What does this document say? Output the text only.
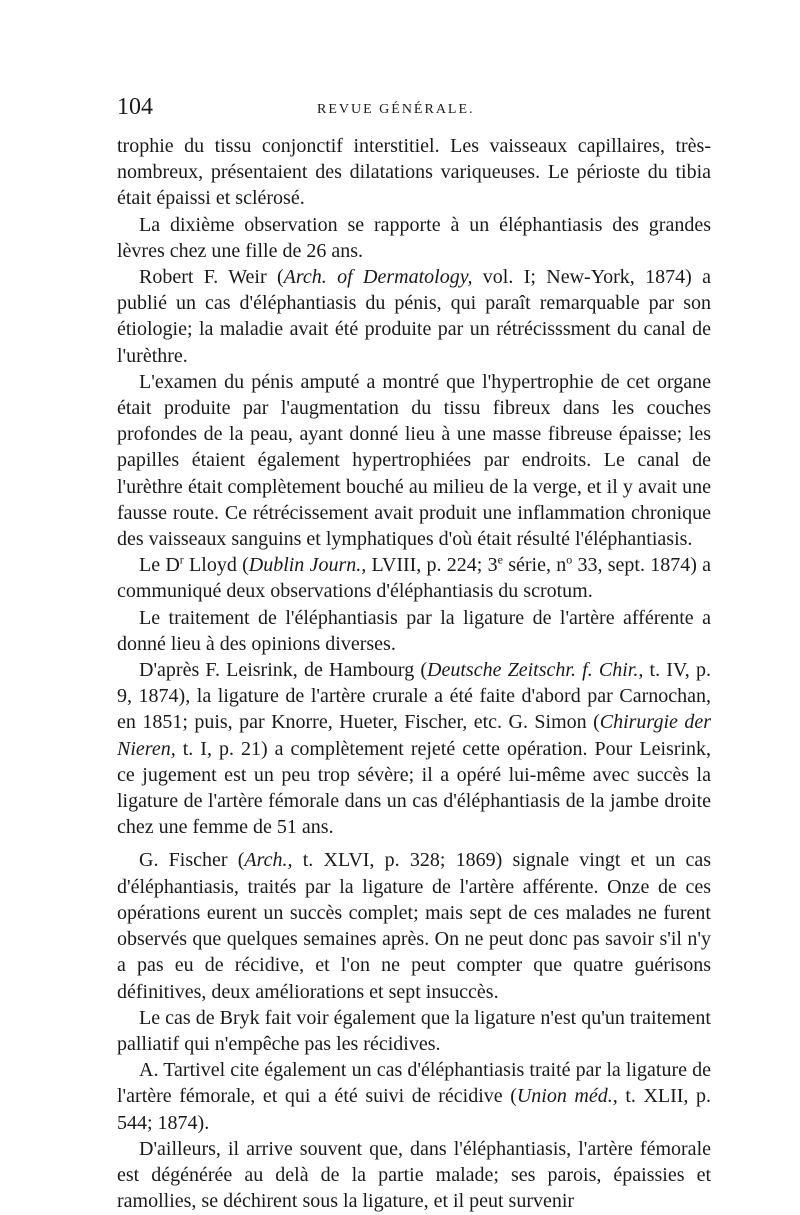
104	REVUE GÉNÉRALE.

trophie du tissu conjonctif interstitiel. Les vaisseaux capillaires, très-nombreux, présentaient des dilatations variqueuses. Le périoste du tibia était épaissi et sclérosé.

La dixième observation se rapporte à un éléphantiasis des grandes lèvres chez une fille de 26 ans.

Robert F. Weir (Arch. of Dermatology, vol. I; New-York, 1874) a publié un cas d'éléphantiasis du pénis, qui paraît remarquable par son étiologie; la maladie avait été produite par un rétrécisssment du canal de l'urèthre.

L'examen du pénis amputé a montré que l'hypertrophie de cet organe était produite par l'augmentation du tissu fibreux dans les couches profondes de la peau, ayant donné lieu à une masse fibreuse épaisse; les papilles étaient également hypertrophiées par endroits. Le canal de l'urèthre était complètement bouché au milieu de la verge, et il y avait une fausse route. Ce rétrécissement avait produit une inflammation chronique des vaisseaux sanguins et lymphatiques d'où était résulté l'éléphantiasis.

Le $D^r$ Lloyd (Dublin Journ., LVIII, p. 224; 3e série, $n^o$ 33, sept. 1874) a communiqué deux observations d'éléphantiasis du scrotum.

Le traitement de l'éléphantiasis par la ligature de l'artère afférente a donné lieu à des opinions diverses.

D'après F. Leisrink, de Hambourg (Deutsche Zeitschr. f. Chir., t. IV, p. 9, 1874), la ligature de l'artère crurale a été faite d'abord par Carnochan, en 1851; puis, par Knorre, Hueter, Fischer, etc. G. Simon (Chirurgie der Nieren, t. I, p. 21) a complètement rejeté cette opération. Pour Leisrink, ce jugement est un peu trop sévère; il a opéré lui-même avec succès la ligature de l'artère fémorale dans un cas d'éléphantiasis de la jambe droite chez une femme de 51 ans.

G. Fischer (Arch., t. XLVI, p. 328; 1869) signale vingt et un cas d'éléphantiasis, traités par la ligature de l'artère afférente. Onze de ces opérations eurent un succès complet; mais sept de ces malades ne furent observés que quelques semaines après. On ne peut donc pas savoir s'il n'y a pas eu de récidive, et l'on ne peut compter que quatre guérisons définitives, deux améliorations et sept insuccès.

Le cas de Bryk fait voir également que la ligature n'est qu'un traitement palliatif qui n'empêche pas les récidives.

A. Tartivel cite également un cas d'éléphantiasis traité par la ligature de l'artère fémorale, et qui a été suivi de récidive (Union méd., t. XLII, p. 544; 1874).

D'ailleurs, il arrive souvent que, dans l'éléphantiasis, l'artère fémorale est dégénérée au delà de la partie malade; ses parois, épaissies et ramollies, se déchirent sous la ligature, et il peut survenir
